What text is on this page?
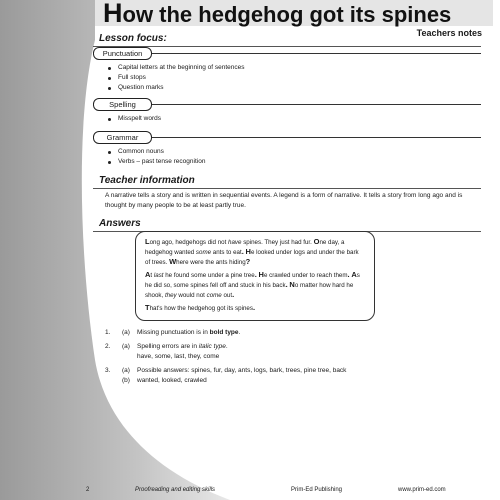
How the hedgehog got its spines
Teachers notes
Lesson focus:
Punctuation
Capital letters at the beginning of sentences
Full stops
Question marks
Spelling
Misspelt words
Grammar
Common nouns
Verbs – past tense recognition
Teacher information
A narrative tells a story and is written in sequential events. A legend is a form of narrative. It tells a story from long ago and is thought by many people to be at least partly true.
Answers

Long ago, hedgehogs did not have spines. They just had fur. One day, a hedgehog wanted some ants to eat. He looked under logs and under the bark of trees. Where were the ants hiding?

At last he found some under a pine tree. He crawled under to reach them. As he did so, some spines fell off and stuck in his back. No matter how hard he shook, they would not come out.

That's how the hedgehog got its spines.

1.	(a)	Missing punctuation is in bold type.
2.	(a)	Spelling errors are in italic type.
have, some, last, they, come
3.	(a)	Possible answers: spines, fur, day, ants, logs, bark, trees, pine tree, back
(b)	wanted, looked, crawled
2	Proofreading and editing skills	Prim-Ed Publishing	www.prim-ed.com
